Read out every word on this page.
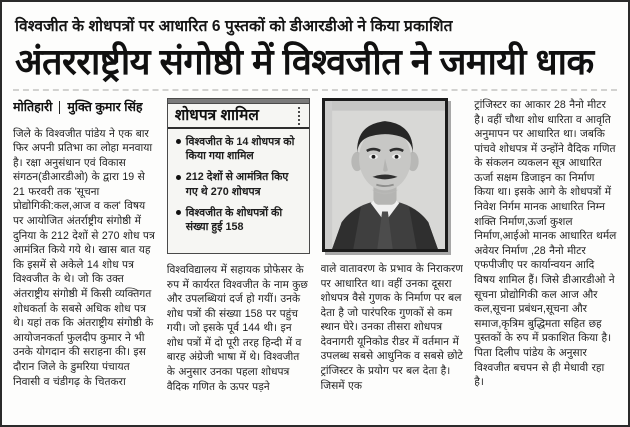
विश्वजीत के शोधपत्रों पर आधारित 6 पुस्तकों को डीआरडीओ ने किया प्रकाशित
अंतरराष्ट्रीय संगोष्ठी में विश्वजीत ने जमायी धाक
मोतिहारी मुक्ति कुमार सिंह

जिले के विश्वजीत पांडेय ने एक बार फिर अपनी प्रतिभा का लोहा मनवाया है। रक्षा अनुसंधान एवं विकास संगठन(डीआरडीओ) के द्वारा 19 से 21 फरवरी तक 'सूचना प्रोद्योगिकी:कल,आज व कल' विषय पर आयोजित अंतर्राष्ट्रीय संगोष्ठी में दुनिया के 212 देशों से 270 शोध पत्र आमंत्रित किये गये थे। खास बात यह कि इसमें से अकेले 14 शोध पत्र विश्वजीत के थे। जो कि उक्त अंतराष्ट्रीय संगोष्ठी में किसी व्यक्तिगत शोधकर्ता के सबसे अधिक शोध पत्र थे। यहां तक कि अंतराष्ट्रीय संगोष्ठी के आयोजनकर्ता फुलदीप कुमार ने भी उनके योगदान की सराहना की। इस दौरान जिले के डुमरिया पंचायत निवासी व चंडीगढ़ के चितकरा

शोधपत्र शामिल
विश्वजीत के 14 शोधपत्र को किया गया शामिल
212 देशों से आमंत्रित किए गए थे 270 शोधपत्र
विश्वजीत के शोधपत्रों की संख्या हुई 158

विश्वविद्यालय में सहायक प्रोफेसर के रुप में कार्यरत विश्वजीत के नाम कुछ और उपलब्धियां दर्ज हो गयीं। उनके शोध पत्रों की संख्या 158 पर पहुंच गयी। जो इसके पूर्व 144 थी। इन शोध पत्रों में दो पूरी तरह हिन्दी में व बारह अंग्रेजी भाषा में थे। विश्वजीत के अनुसार उनका पहला शोधपत्र वैदिक गणित के ऊपर पड़ने

वाले वातावरण के प्रभाव के निराकरण पर आधारित था। वहीं उनका दूसरा शोधपत्र वैसे गुणक के निर्माण पर बल देता है जो पारंपरिक गुणकों से कम स्थान घेरे। उनका तीसरा शोधपत्र देवनागरी यूनिकोड रीडर में वर्तमान में उपलब्ध सबसे आधुनिक व सबसे छोटे ट्रांजिस्टर के प्रयोग पर बल देता है।जिसमें एक

ट्रांजिस्टर का आकार 28 नैनो मीटर है। वहीं चौथा शोध धारिता व आवृति अनुमापन पर आधारित था। जबकि पांचवे शोधपत्र में उन्होंने वैदिक गणित के संकलन व्यकलन सूत्र आधारित ऊर्जा सक्षम डिजाइन का निर्माण किया था। इसके आगे के शोधपत्रों में निवेश निर्गम मानक आधारित निम्न शक्ति निर्माण,ऊर्जा कुशल निर्माण,आईओ मानक आधारित थर्मल अवेयर निर्माण ,28 नैनो मीटर एफपीजीए पर कार्यान्वयन आदि विषय शामिल हैं। जिसे डीआरडीओ ने सूचना प्रोद्योगिकी कल आज और कल,सूचना प्रबंधन,सूचना और समाज,कृत्रिम बुद्धिमता सहित छह पुस्तकों के रुप में प्रकाशित किया है। पिता दिलीप पांडेय के अनुसार विश्वजीत बचपन से ही मेधावी रहा है।
